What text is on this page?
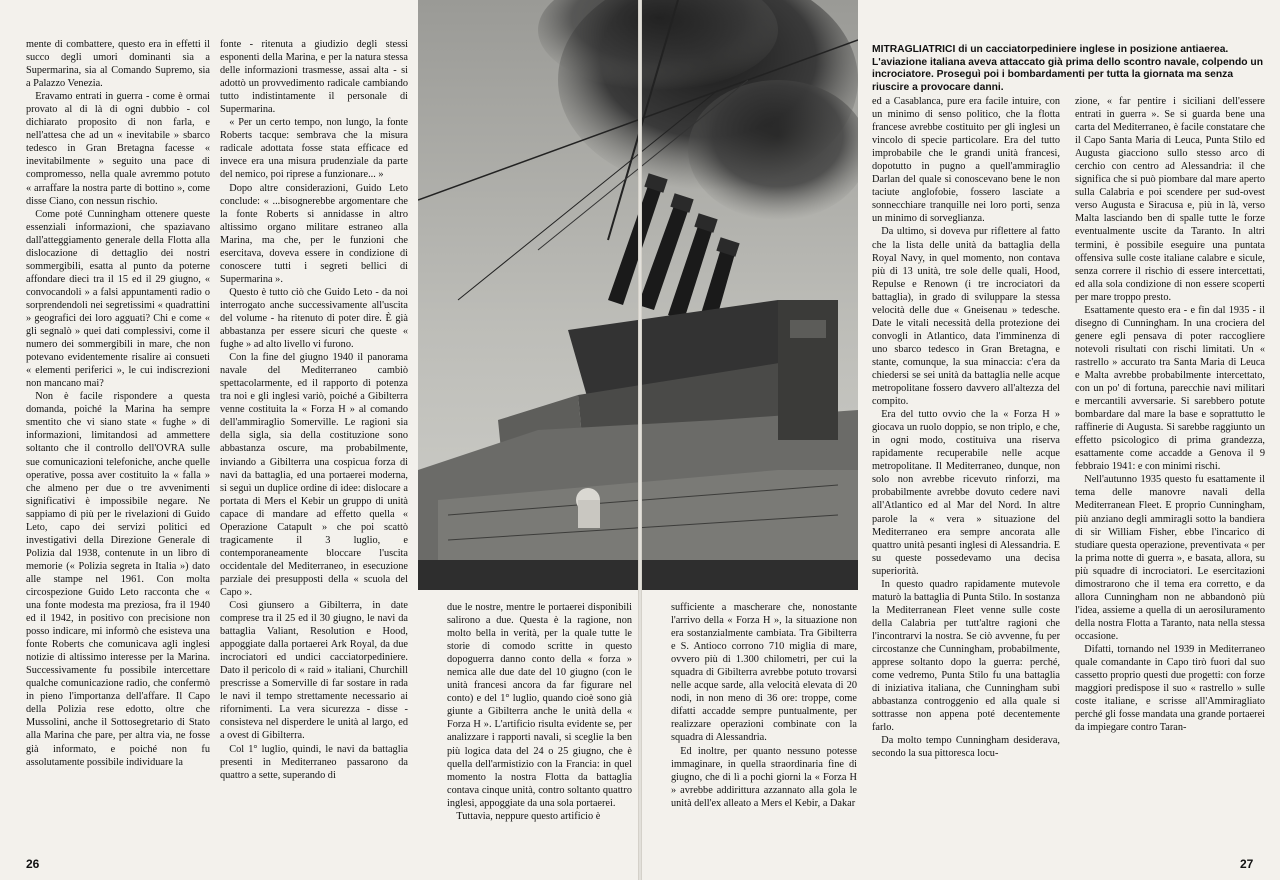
mente di combattere, questo era in effetti il succo degli umori dominanti sia a Supermarina, sia al Comando Supremo, sia a Palazzo Venezia.

Eravamo entrati in guerra - come è ormai provato al di là di ogni dubbio - col dichiarato proposito di non farla, e nell'attesa che ad un « inevitabile » sbarco tedesco in Gran Bretagna facesse « inevitabilmente » seguito una pace di compromesso, nella quale avremmo potuto « arraffare la nostra parte di bottino », come disse Ciano, con nessun rischio.

Come poté Cunningham ottenere queste essenziali informazioni, che spaziavano dall'atteggiamento generale della Flotta alla dislocazione di dettaglio dei nostri sommergibili, esatta al punto da poterne affondare dieci tra il 15 ed il 29 giugno, « convocandoli » a falsi appuntamenti radio o sorprendendoli nei segretissimi « quadrattini » geografici dei loro agguati? Chi e come « gli segnalò » quei dati complessivi, come il numero dei sommergibili in mare, che non potevano evidentemente risalire ai consueti « elementi periferici », le cui indiscrezioni non mancano mai?

Non è facile rispondere a questa domanda, poiché la Marina ha sempre smentito che vi siano state « fughe » di informazioni, limitandosi ad ammettere soltanto che il controllo dell'OVRA sulle sue comunicazioni telefoniche, anche quelle operative, possa aver costituito la « falla » che almeno per due o tre avvenimenti significativi è impossibile negare. Ne sappiamo di più per le rivelazioni di Guido Leto, capo dei servizi politici ed investigativi della Direzione Generale di Polizia dal 1938, contenute in un libro di memorie (« Polizia segreta in Italia ») dato alle stampe nel 1961. Con molta circospezione Guido Leto racconta che « una fonte modesta ma preziosa, fra il 1940 ed il 1942, in positivo con precisione non posso indicare, mi informò che esisteva una fonte Roberts che comunicava agli inglesi notizie di altissimo interesse per la Marina. Successivamente fu possibile intercettare qualche comunicazione radio, che confermò in pieno l'importanza dell'affare. Il Capo della Polizia rese edotto, oltre che Mussolini, anche il Sottosegretario di Stato alla Marina che pare, per altra via, ne fosse già informato, e poiché non fu assolutamente possibile individuare la

fonte - ritenuta a giudizio degli stessi esponenti della Marina, e per la natura stessa delle informazioni trasmesse, assai alta - si adottò un provvedimento radicale cambiando tutto indistintamente il personale di Supermarina.

« Per un certo tempo, non lungo, la fonte Roberts tacque: sembrava che la misura radicale adottata fosse stata efficace ed invece era una misura prudenziale da parte del nemico, poi riprese a funzionare... »

Dopo altre considerazioni, Guido Leto conclude: « ...bisognerebbe argomentare che la fonte Roberts si annidasse in altro altissimo organo militare estraneo alla Marina, ma che, per le funzioni che esercitava, doveva essere in condizione di conoscere tutti i segreti bellici di Supermarina ».

Questo è tutto ciò che Guido Leto - da noi interrogato anche successivamente all'uscita del volume - ha ritenuto di poter dire. È già abbastanza per essere sicuri che queste « fughe » ad alto livello vi furono.

Con la fine del giugno 1940 il panorama navale del Mediterraneo cambiò spettacolarmente, ed il rapporto di potenza tra noi e gli inglesi variò, poiché a Gibilterra venne costituita la « Forza H » al comando dell'ammiraglio Somerville. Le ragioni sia della sigla, sia della costituzione sono abbastanza oscure, ma probabilmente, inviando a Gibilterra una cospicua forza di navi da battaglia, ed una portaerei moderna, si seguì un duplice ordine di idee: dislocare a portata di Mers el Kebir un gruppo di unità capace di mandare ad effetto quella « Operazione Catapult » che poi scattò tragicamente il 3 luglio, e contemporaneamente bloccare l'uscita occidentale del Mediterraneo, in esecuzione parziale dei presupposti della « scuola del Capo ».

Così giunsero a Gibilterra, in date comprese tra il 25 ed il 30 giugno, le navi da battaglia Valiant, Resolution e Hood, appoggiate dalla portaerei Ark Royal, da due incrociatori ed undici cacciatorpediniere. Dato il pericolo di « raid » italiani, Churchill prescrisse a Somerville di far sostare in rada le navi il tempo strettamente necessario ai rifornimenti. La vera sicurezza - disse - consisteva nel disperdere le unità al largo, ed a ovest di Gibilterra.

Col 1° luglio, quindi, le navi da battaglia presenti in Mediterraneo passarono da quattro a sette, superando di

26

MITRAGLIATRICI di un cacciatorpediniere inglese in posizione antiaerea. L'aviazione italiana aveva attaccato già prima dello scontro navale, colpendo un incrociatore. Proseguì poi i bombardamenti per tutta la giornata ma senza riuscire a provocare danni.

due le nostre, mentre le portaerei disponibili salirono a due. Questa è la ragione, non molto bella in verità, per la quale tutte le storie di comodo scritte in questo dopoguerra danno conto della « forza » nemica alle due date del 10 giugno (con le unità francesi ancora da far figurare nel conto) e del 1° luglio, quando cioè sono già giunte a Gibilterra anche le unità della « Forza H ». L'artificio risulta evidente se, per analizzare i rapporti navali, si sceglie la ben più logica data del 24 o 25 giugno, che è quella dell'armistizio con la Francia: in quel momento la nostra Flotta da battaglia contava cinque unità, contro soltanto quattro inglesi, appoggiate da una sola portaerei.

Tuttavia, neppure questo artificio è

sufficiente a mascherare che, nonostante l'arrivo della « Forza H », la situazione non era sostanzialmente cambiata. Tra Gibilterra e S. Antioco corrono 710 miglia di mare, ovvero più di 1.300 chilometri, per cui la squadra di Gibilterra avrebbe potuto trovarsi nelle acque sarde, alla velocità elevata di 20 nodi, in non meno di 36 ore: troppe, come difatti accadde sempre puntualmente, per realizzare operazioni combinate con la squadra di Alessandria.

Ed inoltre, per quanto nessuno potesse immaginare, in quella straordinaria fine di giugno, che di lì a pochi giorni la « Forza H » avrebbe addirittura azzannato alla gola le unità dell'ex alleato a Mers el Kebir, a Dakar

ed a Casablanca, pure era facile intuire, con un minimo di senso politico, che la flotta francese avrebbe costituito per gli inglesi un vincolo di specie particolare. Era del tutto improbabile che le grandi unità francesi, dopotutto in pugno a quell'ammiraglio Darlan del quale si conoscevano bene le non taciute anglofobie, fossero lasciate a sonnecchiare tranquille nei loro porti, senza un minimo di sorveglianza.

Da ultimo, si doveva pur riflettere al fatto che la lista delle unità da battaglia della Royal Navy, in quel momento, non contava più di 13 unità, tre sole delle quali, Hood, Repulse e Renown (i tre incrociatori da battaglia), in grado di sviluppare la stessa velocità delle due « Gneisenau » tedesche. Date le vitali necessità della protezione dei convogli in Atlantico, data l'imminenza di uno sbarco tedesco in Gran Bretagna, e stante, comunque, la sua minaccia: c'era da chiedersi se sei unità da battaglia nelle acque metropolitane fossero davvero all'altezza del compito.

Era del tutto ovvio che la « Forza H » giocava un ruolo doppio, se non triplo, e che, in ogni modo, costituiva una riserva rapidamente recuperabile nelle acque metropolitane. Il Mediterraneo, dunque, non solo non avrebbe ricevuto rinforzi, ma probabilmente avrebbe dovuto cedere navi all'Atlantico ed al Mar del Nord. In altre parole la « vera » situazione del Mediterraneo era sempre ancorata alle quattro unità pesanti inglesi di Alessandria. E su queste possedevamo una decisa superiorità.

In questo quadro rapidamente mutevole maturò la battaglia di Punta Stilo. In sostanza la Mediterranean Fleet venne sulle coste della Calabria per tutt'altre ragioni che l'incontrarvi la nostra. Se ciò avvenne, fu per circostanze che Cunningham, probabilmente, apprese soltanto dopo la guerra: perché, come vedremo, Punta Stilo fu una battaglia di iniziativa italiana, che Cunningham subì abbastanza controggenio ed alla quale si sottrasse non appena poté decentemente farlo.

Da molto tempo Cunningham desiderava, secondo la sua pittoresca locu-

zione, « far pentire i siciliani dell'essere entrati in guerra ». Se si guarda bene una carta del Mediterraneo, è facile constatare che il Capo Santa Maria di Leuca, Punta Stilo ed Augusta giacciono sullo stesso arco di cerchio con centro ad Alessandria: il che significa che si può piombare dal mare aperto sulla Calabria e poi scendere per sud-ovest verso Augusta e Siracusa e, più in là, verso Malta lasciando ben di spalle tutte le forze eventualmente uscite da Taranto. In altri termini, è possibile eseguire una puntata offensiva sulle coste italiane calabre e sicule, senza correre il rischio di essere intercettati, ed alla sola condizione di non essere scoperti per mare troppo presto.

Esattamente questo era - e fin dal 1935 - il disegno di Cunningham. In una crociera del genere egli pensava di poter raccogliere notevoli risultati con rischi limitati. Un « rastrello » accurato tra Santa Maria di Leuca e Malta avrebbe probabilmente intercettato, con un po' di fortuna, parecchie navi militari e mercantili avversarie. Si sarebbero potute bombardare dal mare la base e soprattutto le raffinerie di Augusta. Si sarebbe raggiunto un effetto psicologico di prima grandezza, esattamente come accadde a Genova il 9 febbraio 1941: e con minimi rischi.

Nell'autunno 1935 questo fu esattamente il tema delle manovre navali della Mediterranean Fleet. E proprio Cunningham, più anziano degli ammiragli sotto la bandiera di sir William Fisher, ebbe l'incarico di studiare questa operazione, preventivata « per la prima notte di guerra », e basata, allora, su più squadre di incrociatori. Le esercitazioni dimostrarono che il tema era corretto, e da allora Cunningham non ne abbandonò più l'idea, assieme a quella di un aerosiluramento della nostra Flotta a Taranto, nata nella stessa occasione.

Difatti, tornando nel 1939 in Mediterraneo quale comandante in Capo tirò fuori dal suo cassetto proprio questi due progetti: con forze maggiori predispose il suo « rastrello » sulle coste italiane, e scrisse all'Ammiragliato perché gli fosse mandata una grande portaerei da impiegare contro Taran-

27
